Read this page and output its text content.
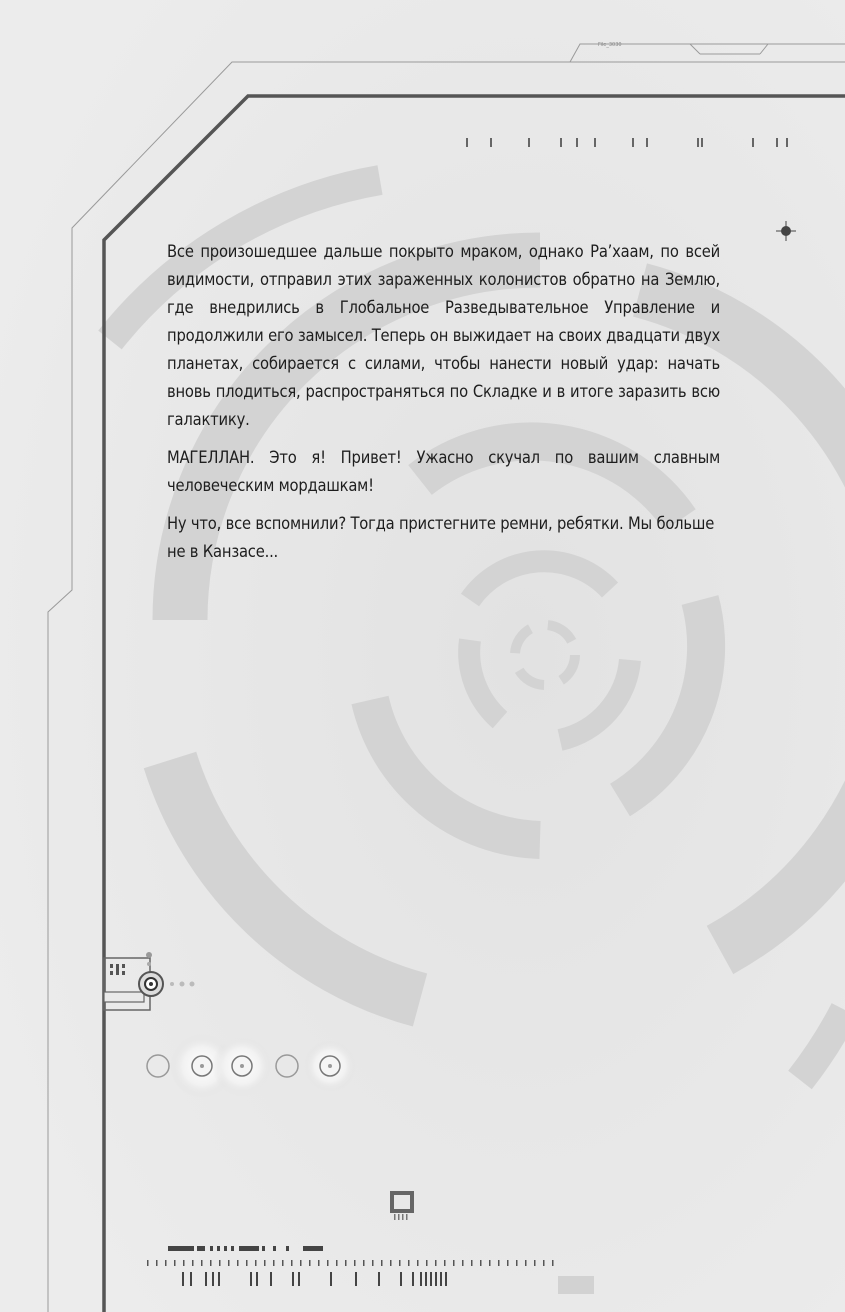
File_3030

Все произошедшее дальше покрыто мраком, однако Ра’хаам, по всей видимости, отправил этих зараженных колонистов обратно на Землю, где внедрились в Глобальное Разведывательное Управление и продолжили его замысел. Теперь он выжидает на своих двадцати двух планетах, собирается с силами, чтобы нанести новый удар: начать вновь плодиться, распространяться по Складке и в итоге заразить всю галактику.

МАГЕЛЛАН. Это я! Привет! Ужасно скучал по вашим славным человеческим мордашкам!

Ну что, все вспомнили? Тогда пристегните ремни, ребятки. Мы больше не в Канзасе...
